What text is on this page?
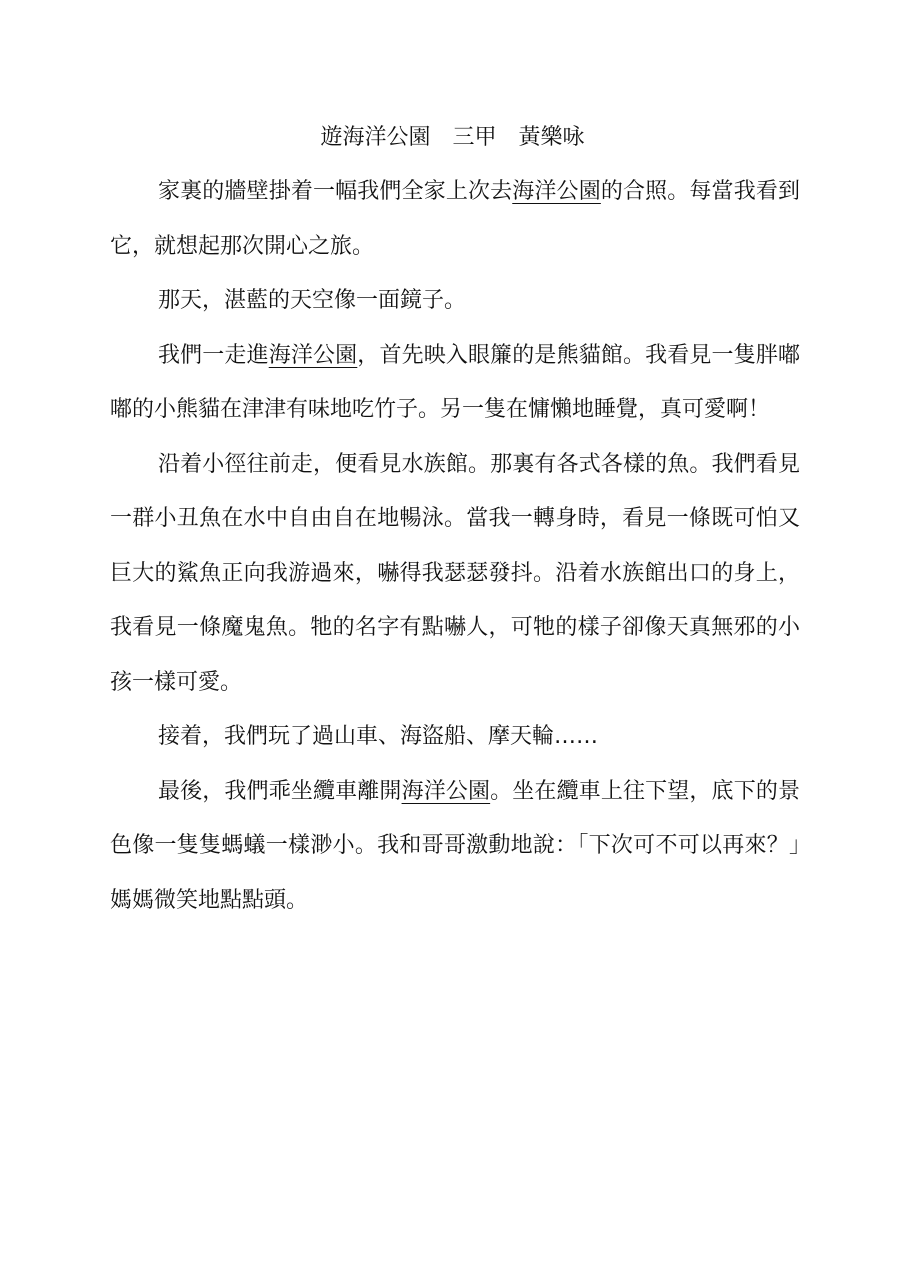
遊海洋公園　三甲　黃樂咏

家裏的牆壁掛着一幅我們全家上次去海洋公園的合照。每當我看到它，就想起那次開心之旅。

那天，湛藍的天空像一面鏡子。

我們一走進海洋公園，首先映入眼簾的是熊貓館。我看見一隻胖嘟嘟的小熊貓在津津有味地吃竹子。另一隻在慵懶地睡覺，真可愛啊！

沿着小徑往前走，便看見水族館。那裏有各式各樣的魚。我們看見一群小丑魚在水中自由自在地暢泳。當我一轉身時，看見一條既可怕又巨大的鯊魚正向我游過來，嚇得我瑟瑟發抖。沿着水族館出口的身上，我看見一條魔鬼魚。牠的名字有點嚇人，可牠的樣子卻像天真無邪的小孩一樣可愛。

接着，我們玩了過山車、海盜船、摩天輪……

最後，我們乖坐纜車離開海洋公園。坐在纜車上往下望，底下的景色像一隻隻螞蟻一樣渺小。我和哥哥激動地說：「下次可不可以再來？」媽媽微笑地點點頭。
